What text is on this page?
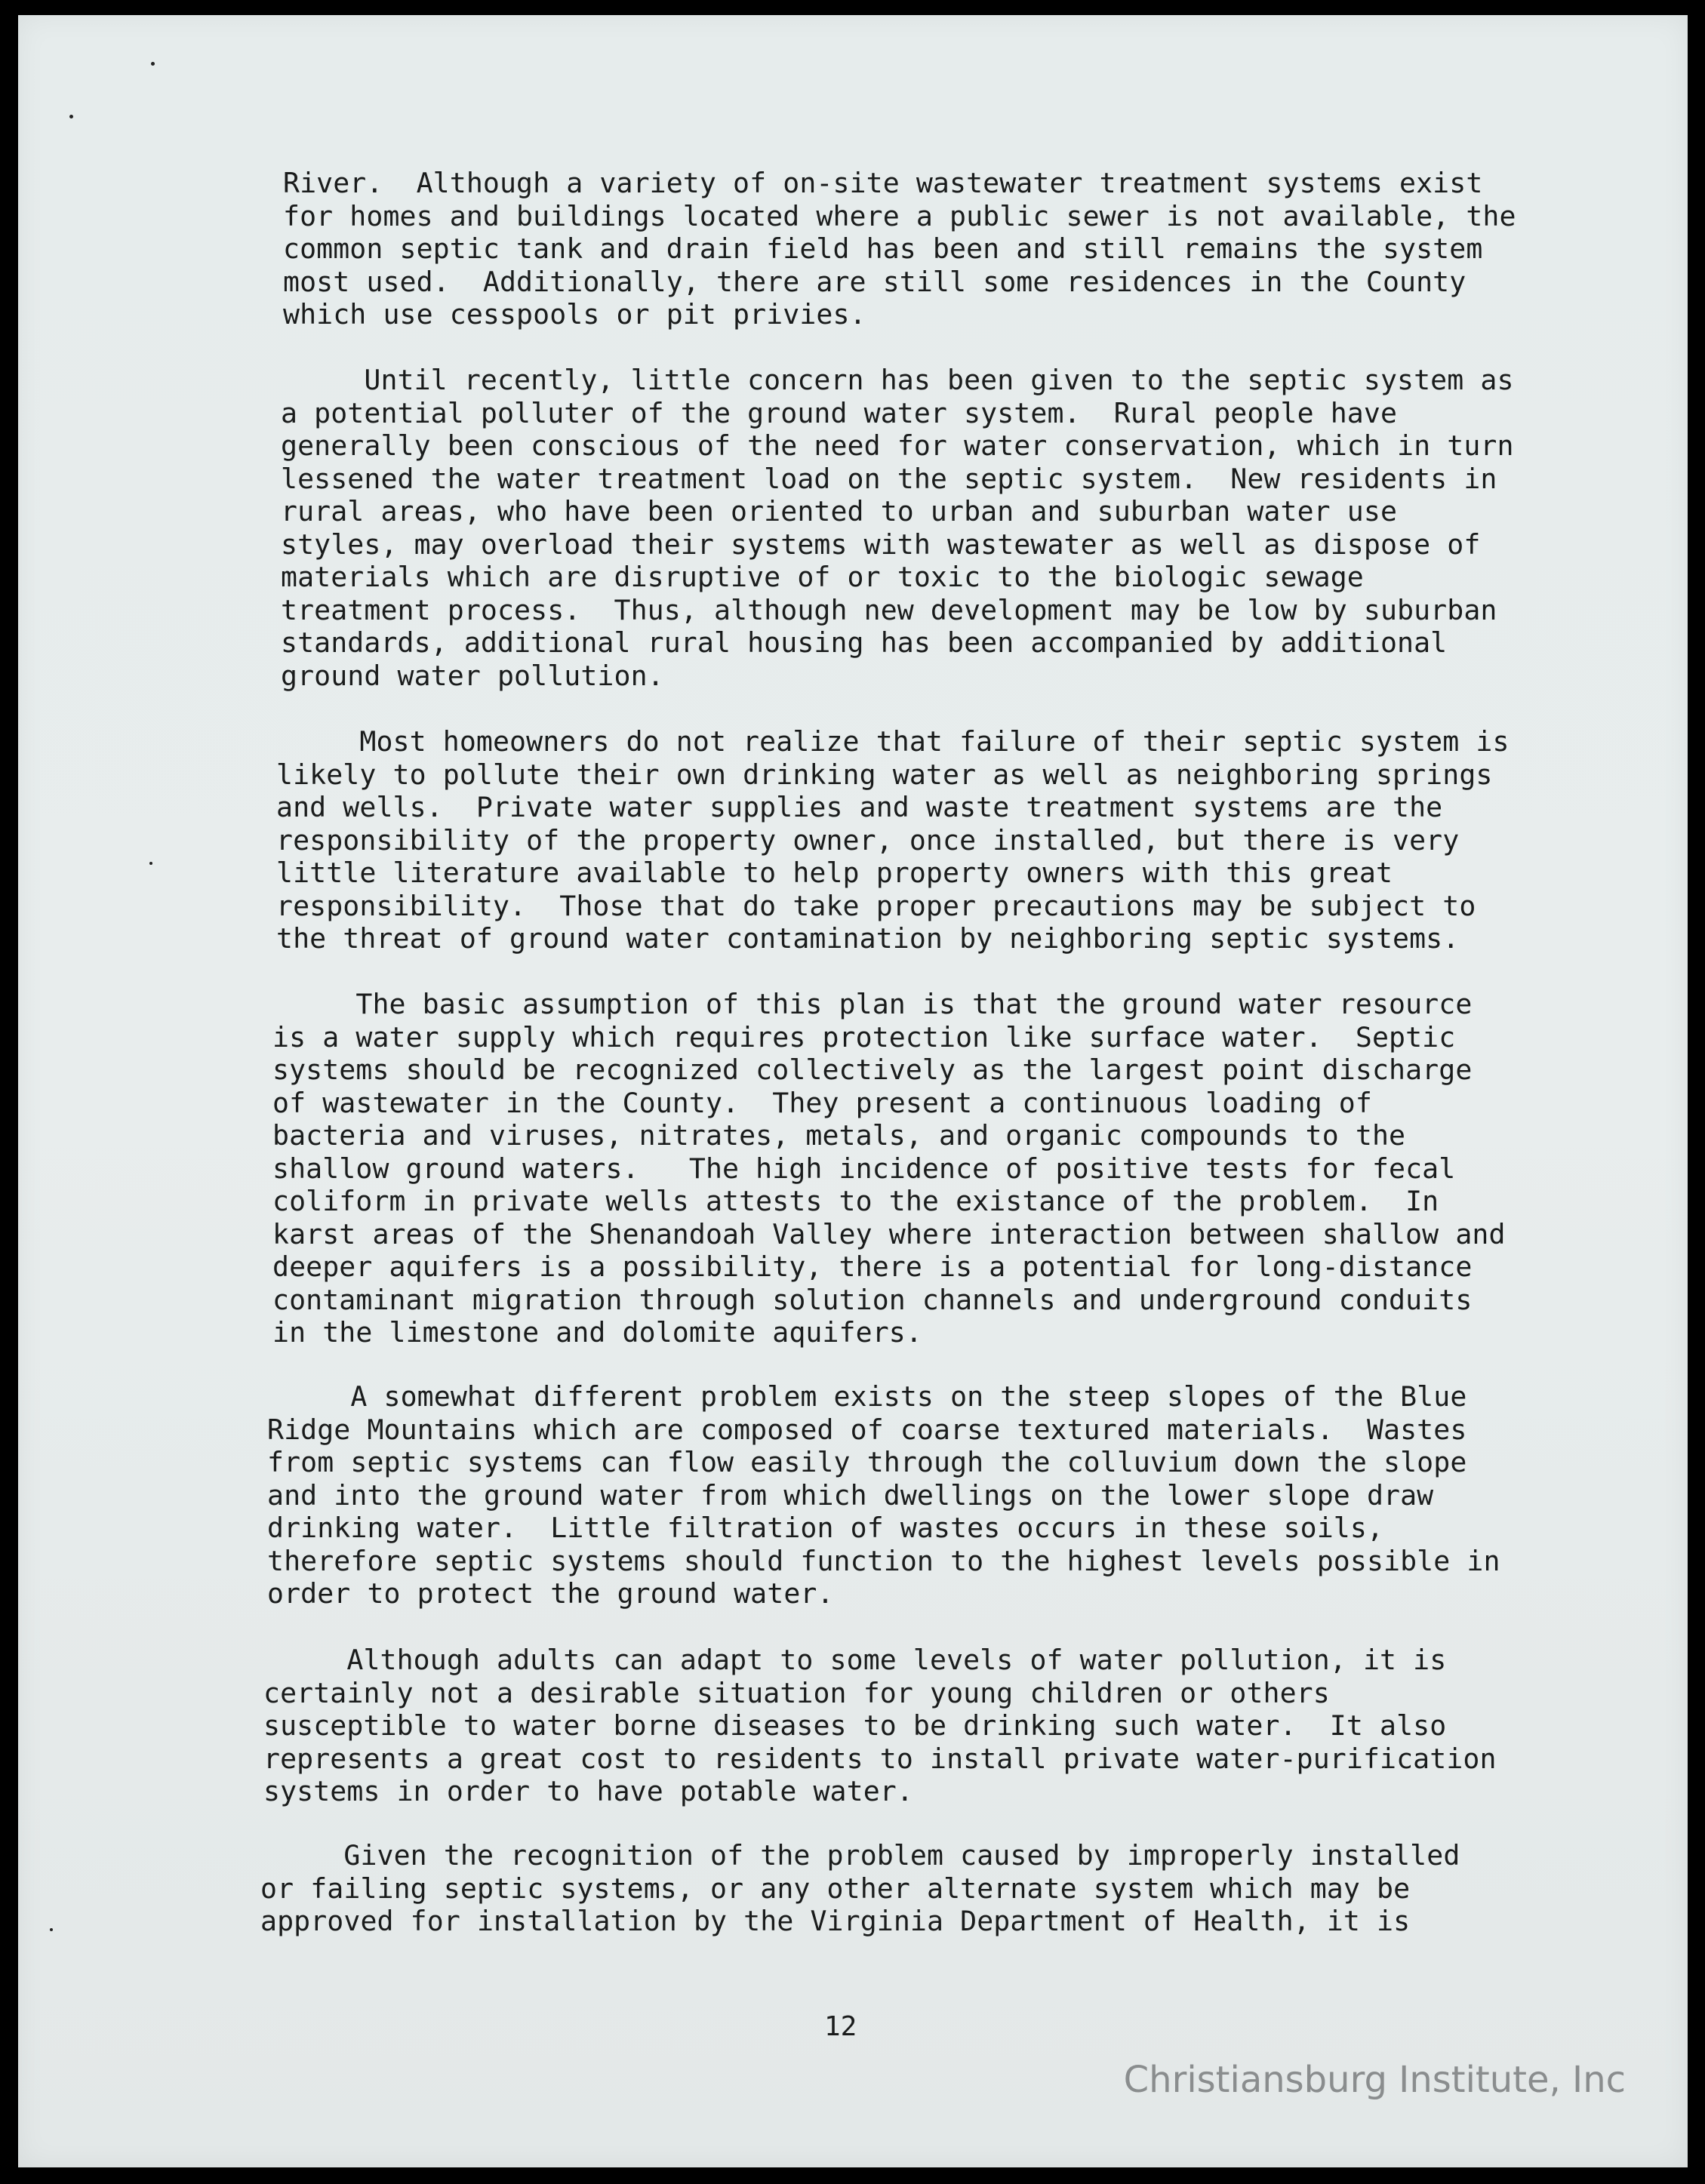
River.  Although a variety of on-site wastewater treatment systems exist
for homes and buildings located where a public sewer is not available, the
common septic tank and drain field has been and still remains the system
most used.  Additionally, there are still some residences in the County
which use cesspools or pit privies.
Until recently, little concern has been given to the septic system as
a potential polluter of the ground water system.  Rural people have
generally been conscious of the need for water conservation, which in turn
lessened the water treatment load on the septic system.  New residents in
rural areas, who have been oriented to urban and suburban water use
styles, may overload their systems with wastewater as well as dispose of
materials which are disruptive of or toxic to the biologic sewage
treatment process.  Thus, although new development may be low by suburban
standards, additional rural housing has been accompanied by additional
ground water pollution.
Most homeowners do not realize that failure of their septic system is
likely to pollute their own drinking water as well as neighboring springs
and wells.  Private water supplies and waste treatment systems are the
responsibility of the property owner, once installed, but there is very
little literature available to help property owners with this great
responsibility.  Those that do take proper precautions may be subject to
the threat of ground water contamination by neighboring septic systems.
The basic assumption of this plan is that the ground water resource
is a water supply which requires protection like surface water.  Septic
systems should be recognized collectively as the largest point discharge
of wastewater in the County.  They present a continuous loading of
bacteria and viruses, nitrates, metals, and organic compounds to the
shallow ground waters.   The high incidence of positive tests for fecal
coliform in private wells attests to the existance of the problem.  In
karst areas of the Shenandoah Valley where interaction between shallow and
deeper aquifers is a possibility, there is a potential for long-distance
contaminant migration through solution channels and underground conduits
in the limestone and dolomite aquifers.
A somewhat different problem exists on the steep slopes of the Blue
Ridge Mountains which are composed of coarse textured materials.  Wastes
from septic systems can flow easily through the colluvium down the slope
and into the ground water from which dwellings on the lower slope draw
drinking water.  Little filtration of wastes occurs in these soils,
therefore septic systems should function to the highest levels possible in
order to protect the ground water.
Although adults can adapt to some levels of water pollution, it is
certainly not a desirable situation for young children or others
susceptible to water borne diseases to be drinking such water.  It also
represents a great cost to residents to install private water-purification
systems in order to have potable water.
Given the recognition of the problem caused by improperly installed
or failing septic systems, or any other alternate system which may be
approved for installation by the Virginia Department of Health, it is
12
Christiansburg Institute, Inc
